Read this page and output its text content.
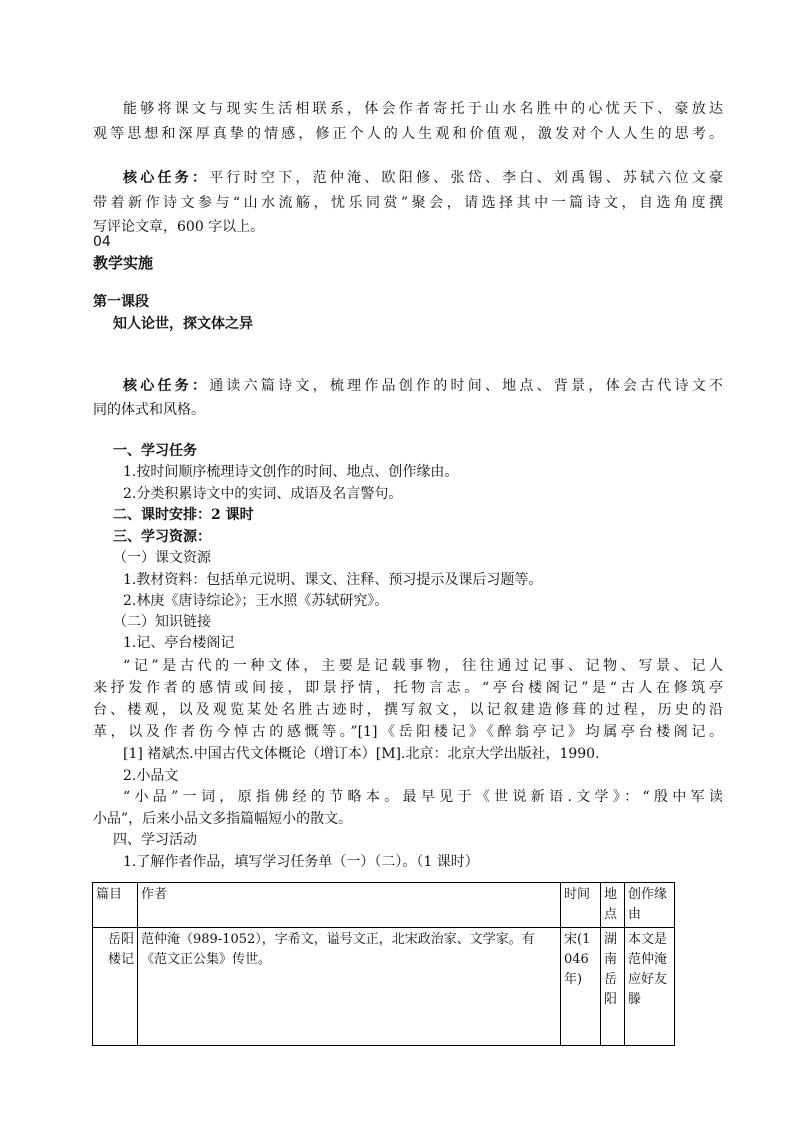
能够将课文与现实生活相联系，体会作者寄托于山水名胜中的心忧天下、豪放达
观等思想和深厚真挚的情感，修正个人的人生观和价值观，激发对个人人生的思考。
核心任务：平行时空下，范仲淹、欧阳修、张岱、李白、刘禹锡、苏轼六位文豪
带着新作诗文参与“山水流觞，忧乐同赏”聚会，请选择其中一篇诗文，自选角度撰
写评论文章，600 字以上。
04
教学实施
第一课段
知人论世，探文体之异
核心任务：通读六篇诗文，梳理作品创作的时间、地点、背景，体会古代诗文不
同的体式和风格。
一、学习任务
1.按时间顺序梳理诗文创作的时间、地点、创作缘由。
2.分类积累诗文中的实词、成语及名言警句。
二、课时安排：2 课时
三、学习资源：
（一）课文资源
1.教材资料：包括单元说明、课文、注释、预习提示及课后习题等。
2.林庚《唐诗综论》；王水照《苏轼研究》。
（二）知识链接
1.记、亭台楼阁记
“记”是古代的一种文体，主要是记载事物，往往通过记事、记物、写景、记人
来抒发作者的感情或间接，即景抒情，托物言志。“亭台楼阁记”是“古人在修筑亭
台、楼观，以及观览某处名胜古迹时，撰写叙文，以记叙建造修葺的过程，历史的沿
革，以及作者伤今悼古的感慨等。”[1]《岳阳楼记》《醉翁亭记》均属亭台楼阁记。
[1] 褚斌杰.中国古代文体概论（增订本）[M].北京：北京大学出版社，1990.
2.小品文
“小品”一词，原指佛经的节略本。最早见于《世说新语.文学》：“殷中军读
小品”，后来小品文多指篇幅短小的散文。
四、学习活动
1.了解作者作品，填写学习任务单（一）（二）。（1 课时）
篇目	作者	时间	地点	创作缘由
岳阳楼记	范仲淹（989-1052），字希文，谥号文正，北宋政治家、文学家。有《范文正公集》传世。	宋(1046年)	湖南岳阳	本文是范仲淹应好友滕
